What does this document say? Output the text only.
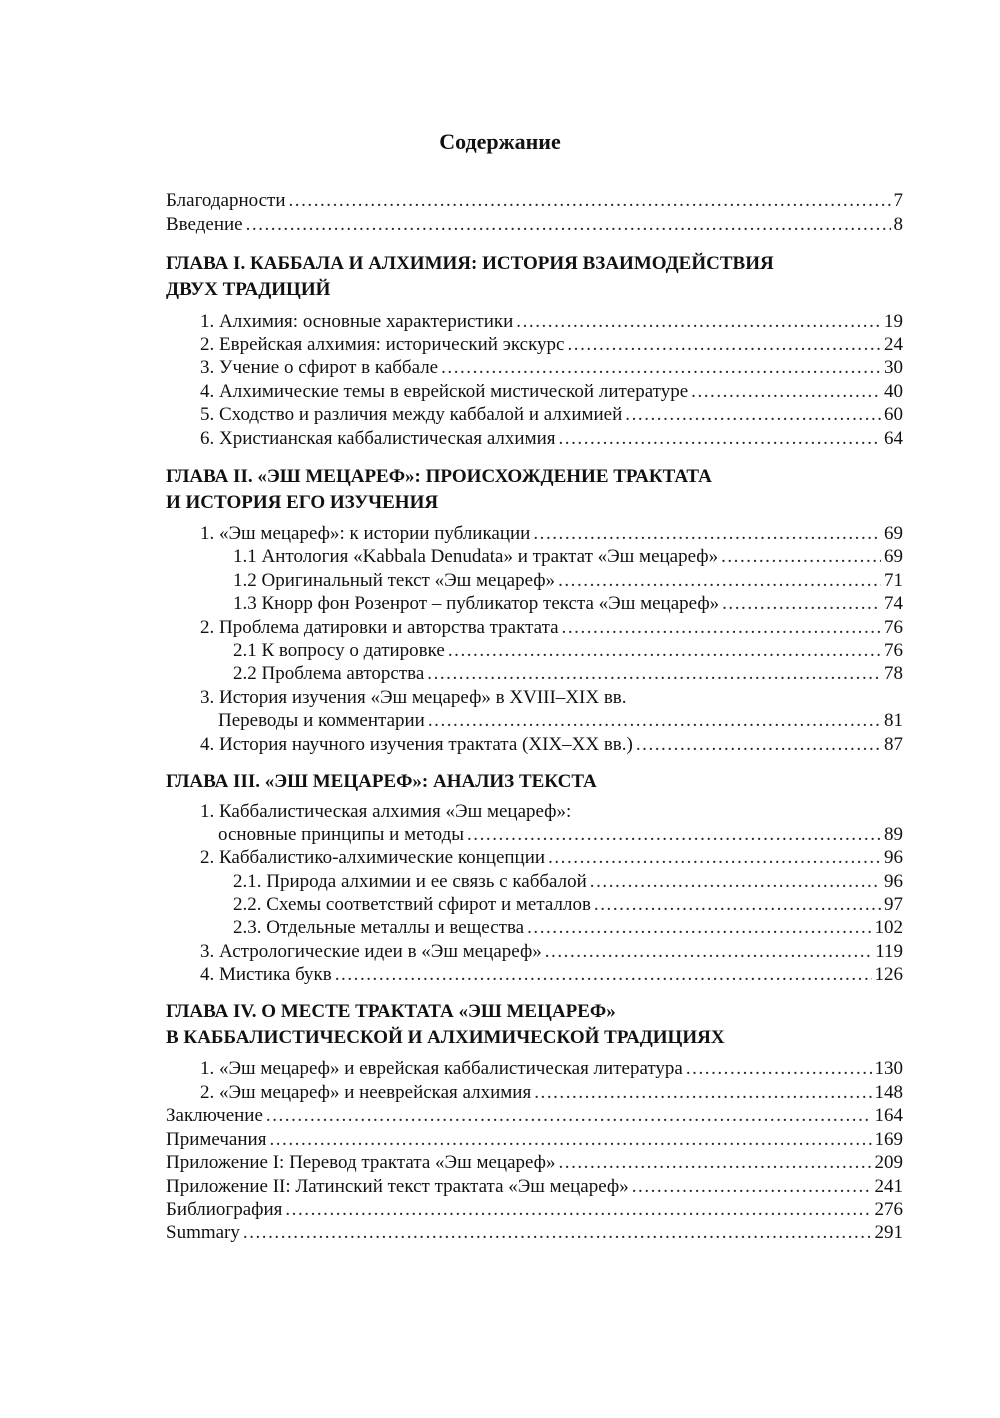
Содержание
Благодарности . . .	7
Введение . . .	8
ГЛАВА I. КАББАЛА И АЛХИМИЯ: ИСТОРИЯ ВЗАИМОДЕЙСТВИЯ
ДВУХ ТРАДИЦИЙ
1. Алхимия: основные характеристики . . .	19
2. Еврейская алхимия: исторический экскурс . . .	24
3. Учение о сфирот в каббале . . .	30
4. Алхимические темы в еврейской мистической литературе . . .	40
5. Сходство и различия между каббалой и алхимией . . .	60
6. Христианская каббалистическая алхимия . . .	64
ГЛАВА II. «ЭШ МЕЦАРЕФ»: ПРОИСХОЖДЕНИЕ ТРАКТАТА
И ИСТОРИЯ ЕГО ИЗУЧЕНИЯ
1. «Эш мецареф»: к истории публикации . . .	69
1.1 Антология «Kabbala Denudata» и трактат «Эш мецареф» . . .	69
1.2 Оригинальный текст «Эш мецареф» . . .	71
1.3 Кнорр фон Розенрот – публикатор текста «Эш мецареф» . . .	74
2. Проблема датировки и авторства трактата . . .	76
2.1 К вопросу о датировке . . .	76
2.2 Проблема авторства . . .	78
3. История изучения «Эш мецареф» в XVIII–XIX вв.
Переводы и комментарии . . .	81
4. История научного изучения трактата (XIX–XX вв.) . . .	87
ГЛАВА III. «ЭШ МЕЦАРЕФ»: АНАЛИЗ ТЕКСТА
1. Каббалистическая алхимия «Эш мецареф»:
основные принципы и методы . . .	89
2. Каббалистико-алхимические концепции . . .	96
2.1. Природа алхимии и ее связь с каббалой . . .	96
2.2. Схемы соответствий сфирот и металлов . . .	97
2.3. Отдельные металлы и вещества . . .	102
3. Астрологические идеи в «Эш мецареф» . . .	119
4. Мистика букв . . .	126
ГЛАВА IV. О МЕСТЕ ТРАКТАТА «ЭШ МЕЦАРЕФ»
В КАББАЛИСТИЧЕСКОЙ И АЛХИМИЧЕСКОЙ ТРАДИЦИЯХ
1. «Эш мецареф» и еврейская каббалистическая литература . . .	130
2. «Эш мецареф» и нееврейская алхимия . . .	148
Заключение . . .	164
Примечания . . .	169
Приложение I: Перевод трактата «Эш мецареф» . . .	209
Приложение II: Латинский текст трактата «Эш мецареф» . . .	241
Библиография . . .	276
Summary . . .	291
